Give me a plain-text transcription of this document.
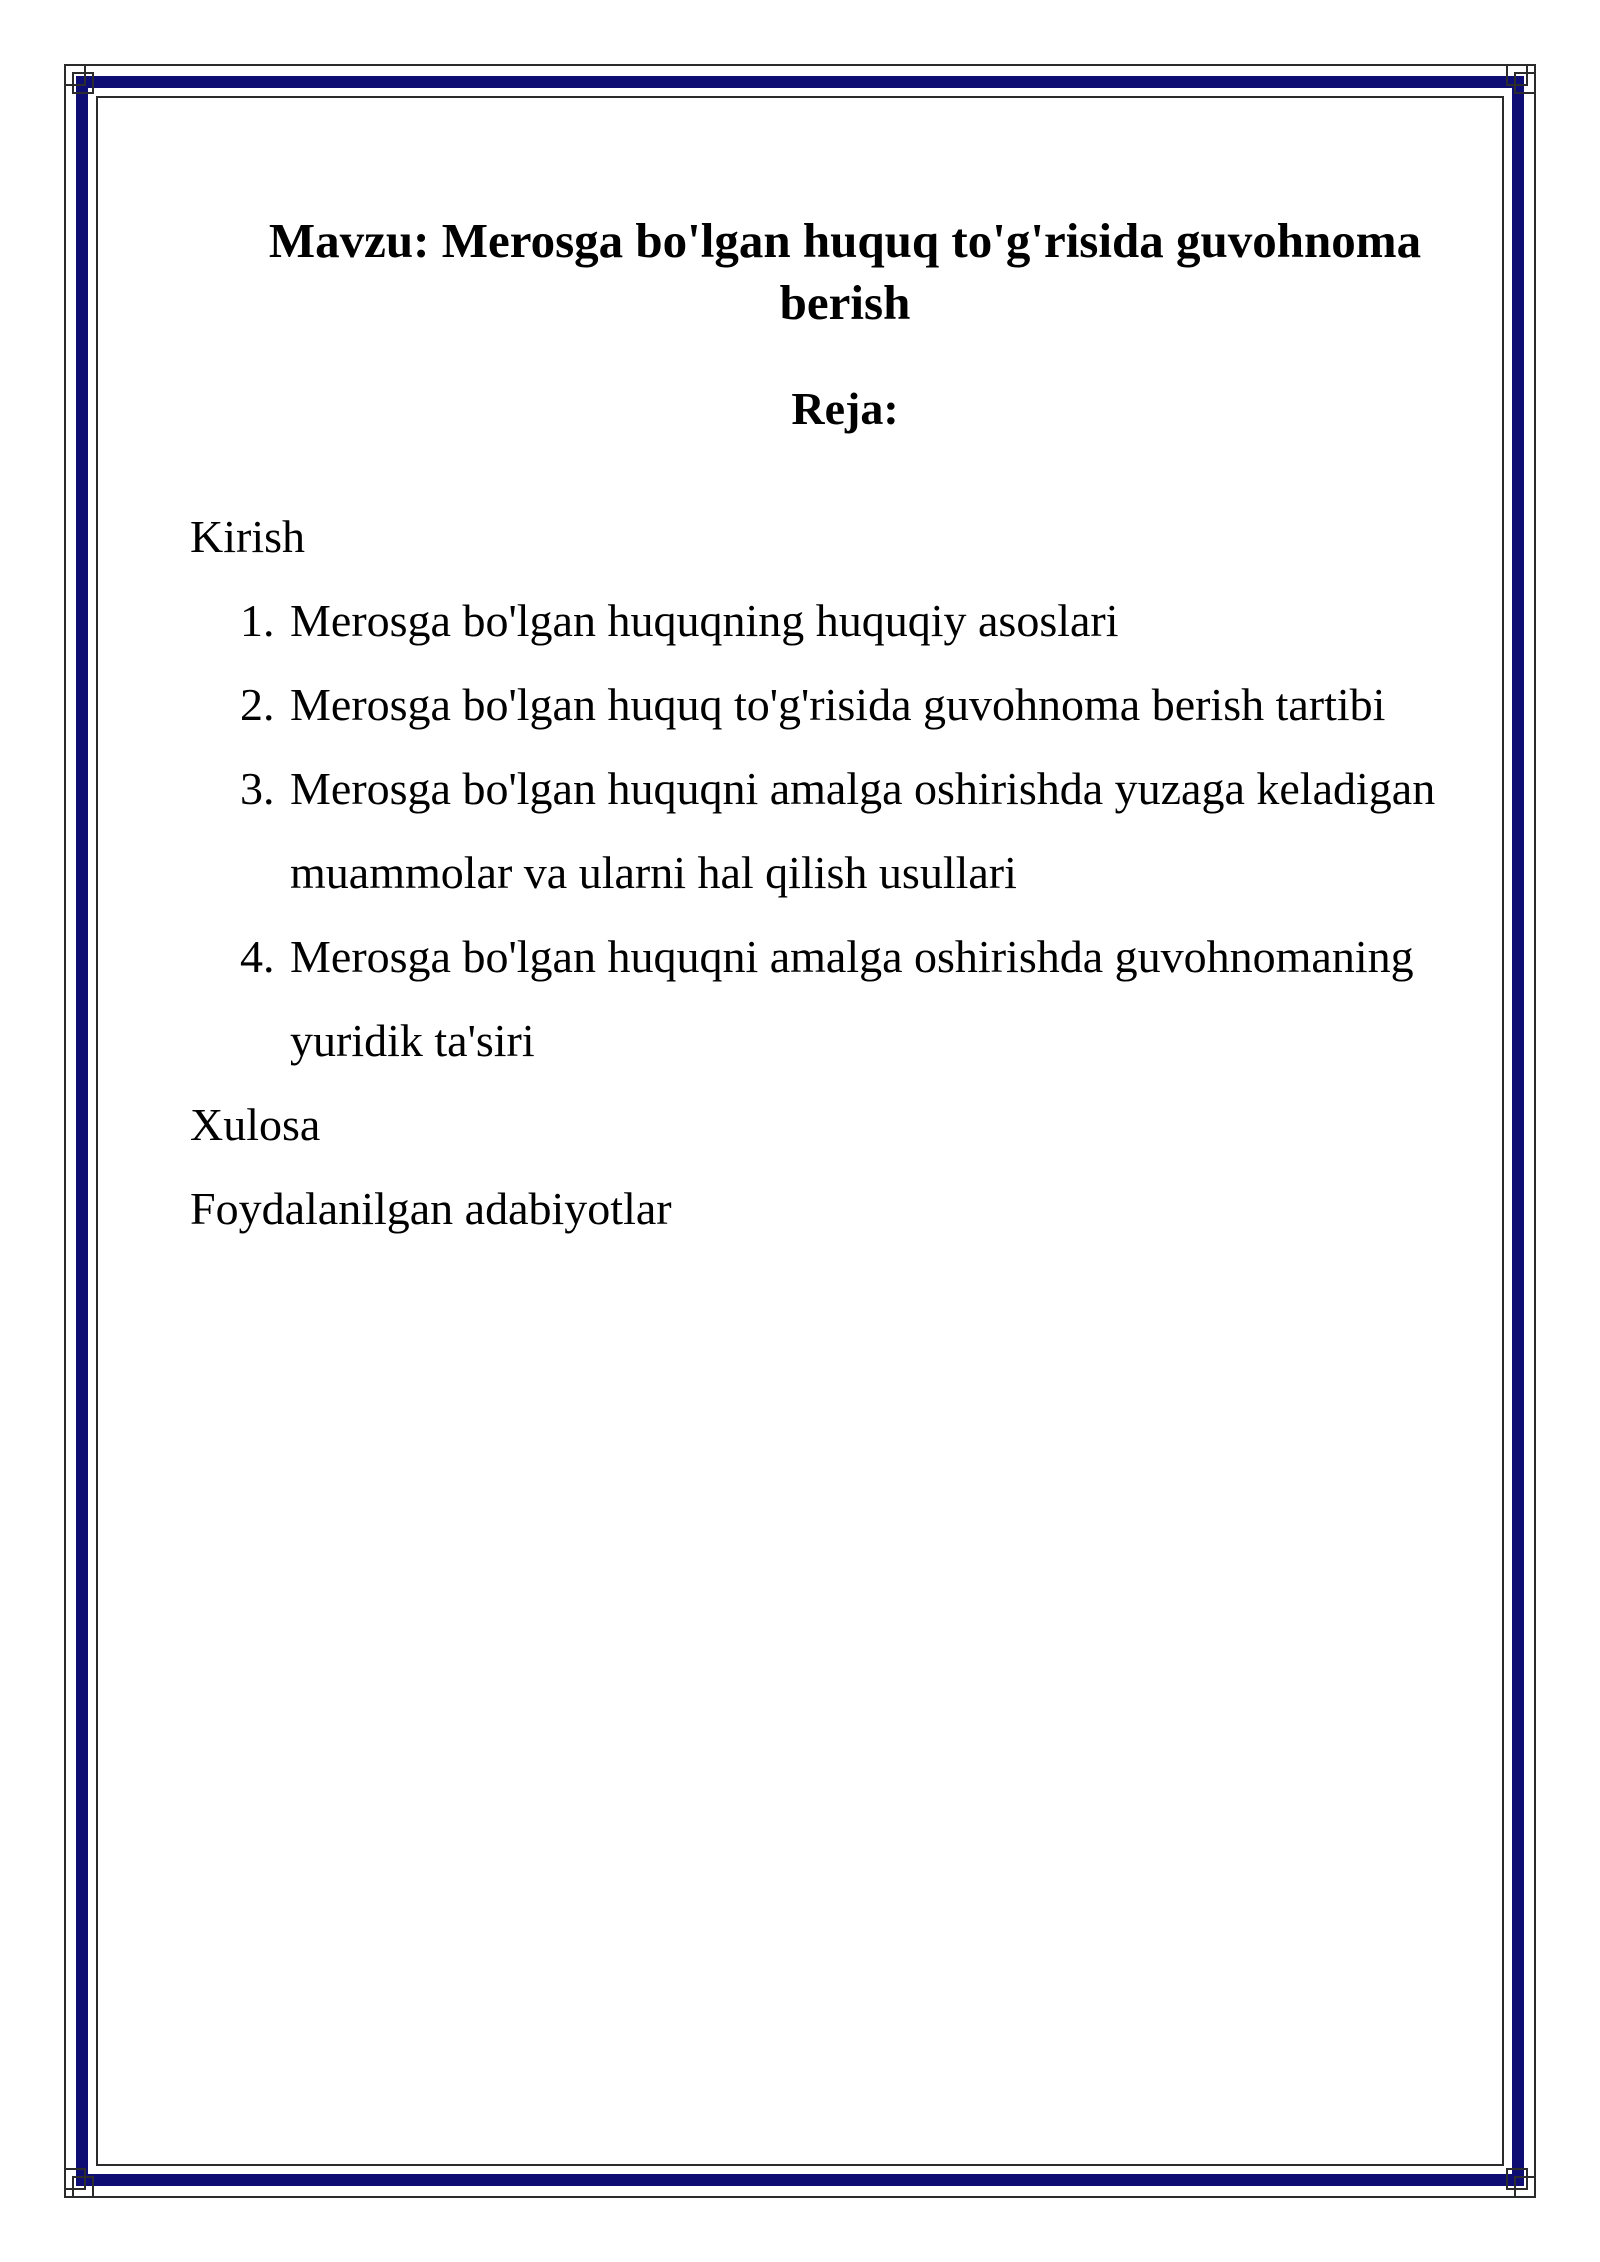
Mavzu: Merosga bo'lgan huquq to'g'risida guvohnoma berish
Reja:
Kirish
1. Merosga bo'lgan huquqning huquqiy asoslari
2. Merosga bo'lgan huquq to'g'risida guvohnoma berish tartibi
3. Merosga bo'lgan huquqni amalga oshirishda yuzaga keladigan muammolar va ularni hal qilish usullari
4. Merosga bo'lgan huquqni amalga oshirishda guvohnomaning yuridik ta'siri
Xulosa
Foydalanilgan adabiyotlar
